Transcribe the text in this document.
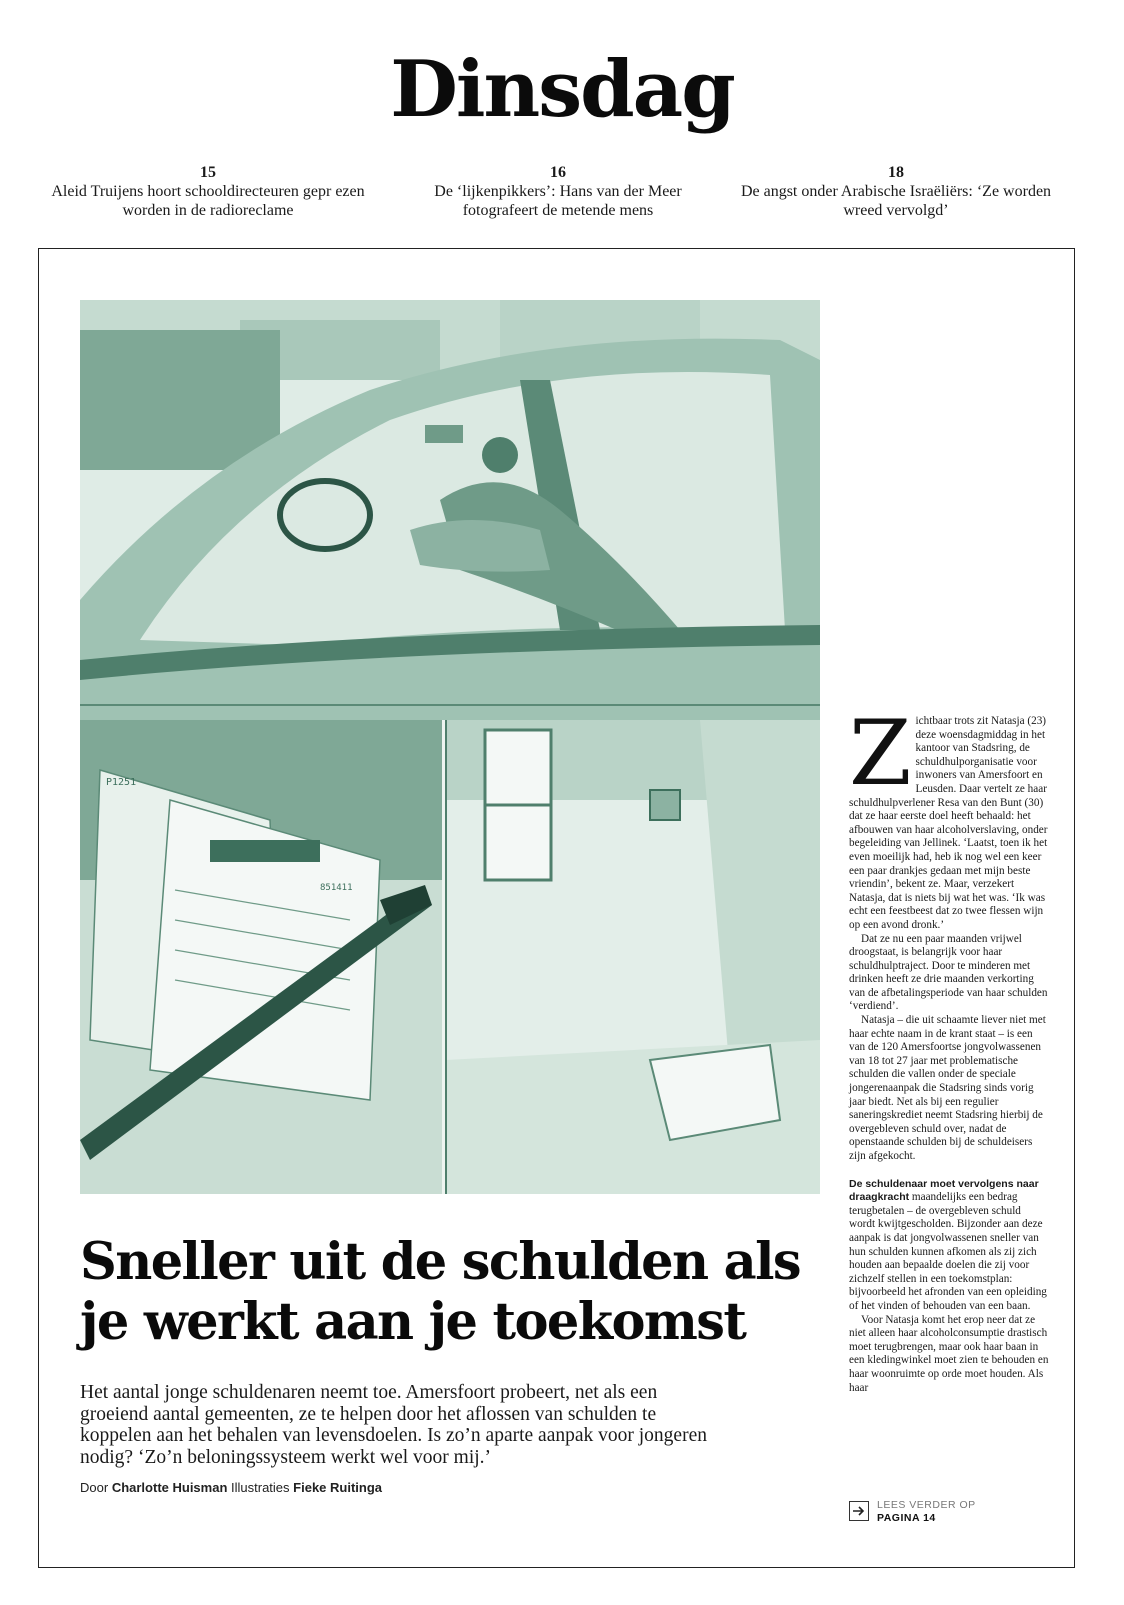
Dinsdag
15
Aleid Truijens hoort schooldirecteuren gepr ezen worden in de radioreclame
16
De ‘lijkenpikkers’: Hans van der Meer fotografeert de metende mens
18
De angst onder Arabische Israëliërs: ‘Ze worden wreed vervolgd’
P1251
851411
Sneller uit de schulden als je werkt aan je toekomst
Het aantal jonge schuldenaren neemt toe. Amersfoort probeert, net als een groeiend aantal gemeenten, ze te helpen door het aflossen van schulden te koppelen aan het behalen van levensdoelen. Is zo’n aparte aanpak voor jongeren nodig? ‘Zo’n beloningssysteem werkt wel voor mij.’
Door Charlotte Huisman Illustraties Fieke Ruitinga
Z ichtbaar trots zit Natasja (23) deze woensdagmiddag in het kantoor van Stadsring, de schuldhulporganisatie voor inwoners van Amersfoort en Leusden. Daar vertelt ze haar schuldhulpverlener Resa van den Bunt (30) dat ze haar eerste doel heeft behaald: het afbouwen van haar alcoholverslaving, onder begeleiding van Jellinek. ‘Laatst, toen ik het even moeilijk had, heb ik nog wel een keer een paar drankjes gedaan met mijn beste vriendin’, bekent ze. Maar, verzekert Natasja, dat is niets bij wat het was. ‘Ik was echt een feestbeest dat zo twee flessen wijn op een avond dronk.’

Dat ze nu een paar maanden vrijwel droogstaat, is belangrijk voor haar schuldhulptraject. Door te minderen met drinken heeft ze drie maanden verkorting van de afbetalingsperiode van haar schulden ‘verdiend’.

Natasja – die uit schaamte liever niet met haar echte naam in de krant staat – is een van de 120 Amersfoortse jongvolwassenen van 18 tot 27 jaar met problematische schulden die vallen onder de speciale jongerenaanpak die Stadsring sinds vorig jaar biedt. Net als bij een regulier saneringskrediet neemt Stadsring hierbij de overgebleven schuld over, nadat de openstaande schulden bij de schuldeisers zijn afgekocht.

De schuldenaar moet vervolgens naar draagkracht maandelijks een bedrag terugbetalen – de overgebleven schuld wordt kwijtgescholden. Bijzonder aan deze aanpak is dat jongvolwassenen sneller van hun schulden kunnen afkomen als zij zich houden aan bepaalde doelen die zij voor zichzelf stellen in een toekomstplan: bijvoorbeeld het afronden van een opleiding of het vinden of behouden van een baan.

Voor Natasja komt het erop neer dat ze niet alleen haar alcoholconsumptie drastisch moet terugbrengen, maar ook haar baan in een kledingwinkel moet zien te behouden en haar woonruimte op orde moet houden. Als haar

LEES VERDER OP
PAGINA 14
